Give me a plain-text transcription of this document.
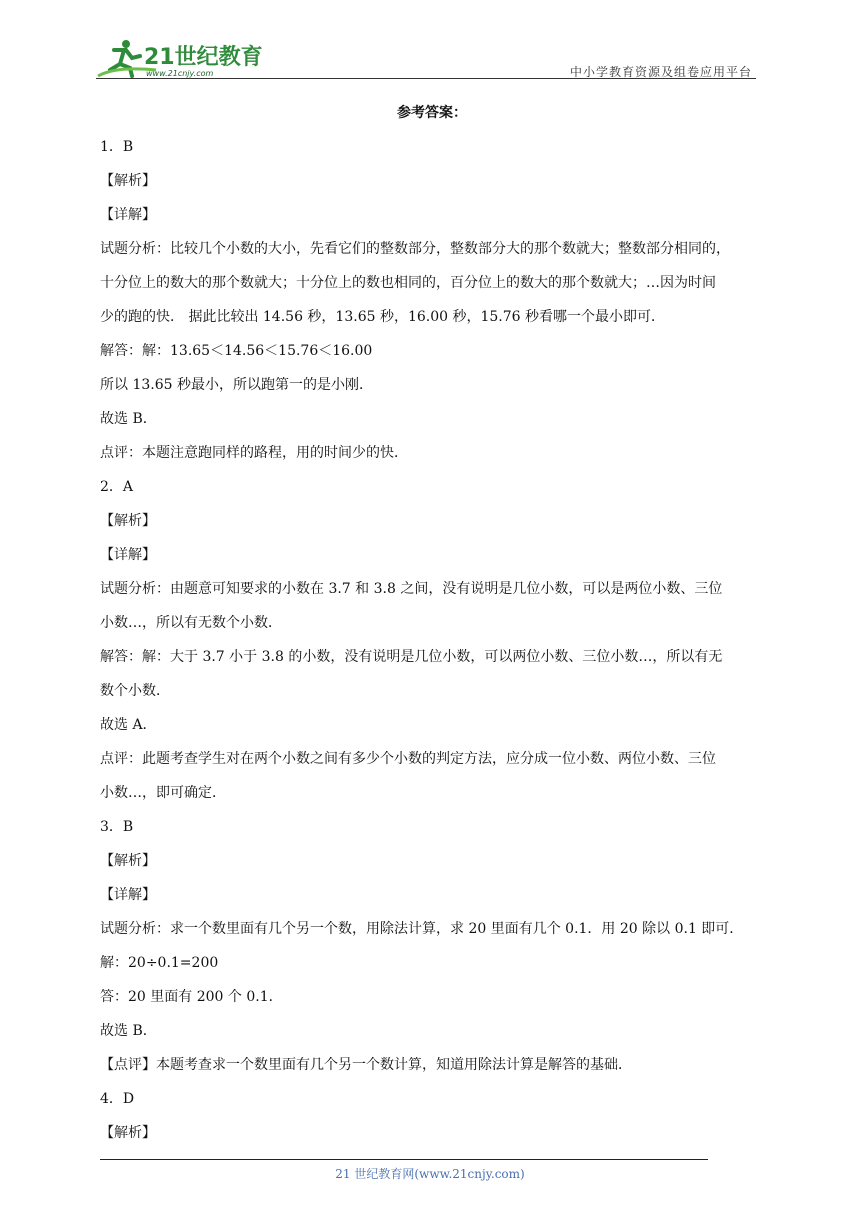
21世纪教育
www.21cnjy.com	中小学教育资源及组卷应用平台
参考答案：
1．B
【解析】
【详解】
试题分析：比较几个小数的大小，先看它们的整数部分，整数部分大的那个数就大；整数部分相同的，
十分位上的数大的那个数就大；十分位上的数也相同的，百分位上的数大的那个数就大；…因为时间
少的跑的快． 据此比较出 14.56 秒，13.65 秒，16.00 秒，15.76 秒看哪一个最小即可．
解答：解：13.65＜14.56＜15.76＜16.00
所以 13.65 秒最小，所以跑第一的是小刚．
故选 B．
点评：本题注意跑同样的路程，用的时间少的快．
2．A
【解析】
【详解】
试题分析：由题意可知要求的小数在 3.7 和 3.8 之间，没有说明是几位小数，可以是两位小数、三位
小数…，所以有无数个小数．
解答：解：大于 3.7 小于 3.8 的小数，没有说明是几位小数，可以两位小数、三位小数…，所以有无
数个小数．
故选 A．
点评：此题考查学生对在两个小数之间有多少个小数的判定方法，应分成一位小数、两位小数、三位
小数…，即可确定．
3．B
【解析】
【详解】
试题分析：求一个数里面有几个另一个数，用除法计算，求 20 里面有几个 0.1．用 20 除以 0.1 即可．
解：20÷0.1=200
答：20 里面有 200 个 0.1．
故选 B．
【点评】本题考查求一个数里面有几个另一个数计算，知道用除法计算是解答的基础．
4．D
【解析】
21 世纪教育网(www.21cnjy.com)
